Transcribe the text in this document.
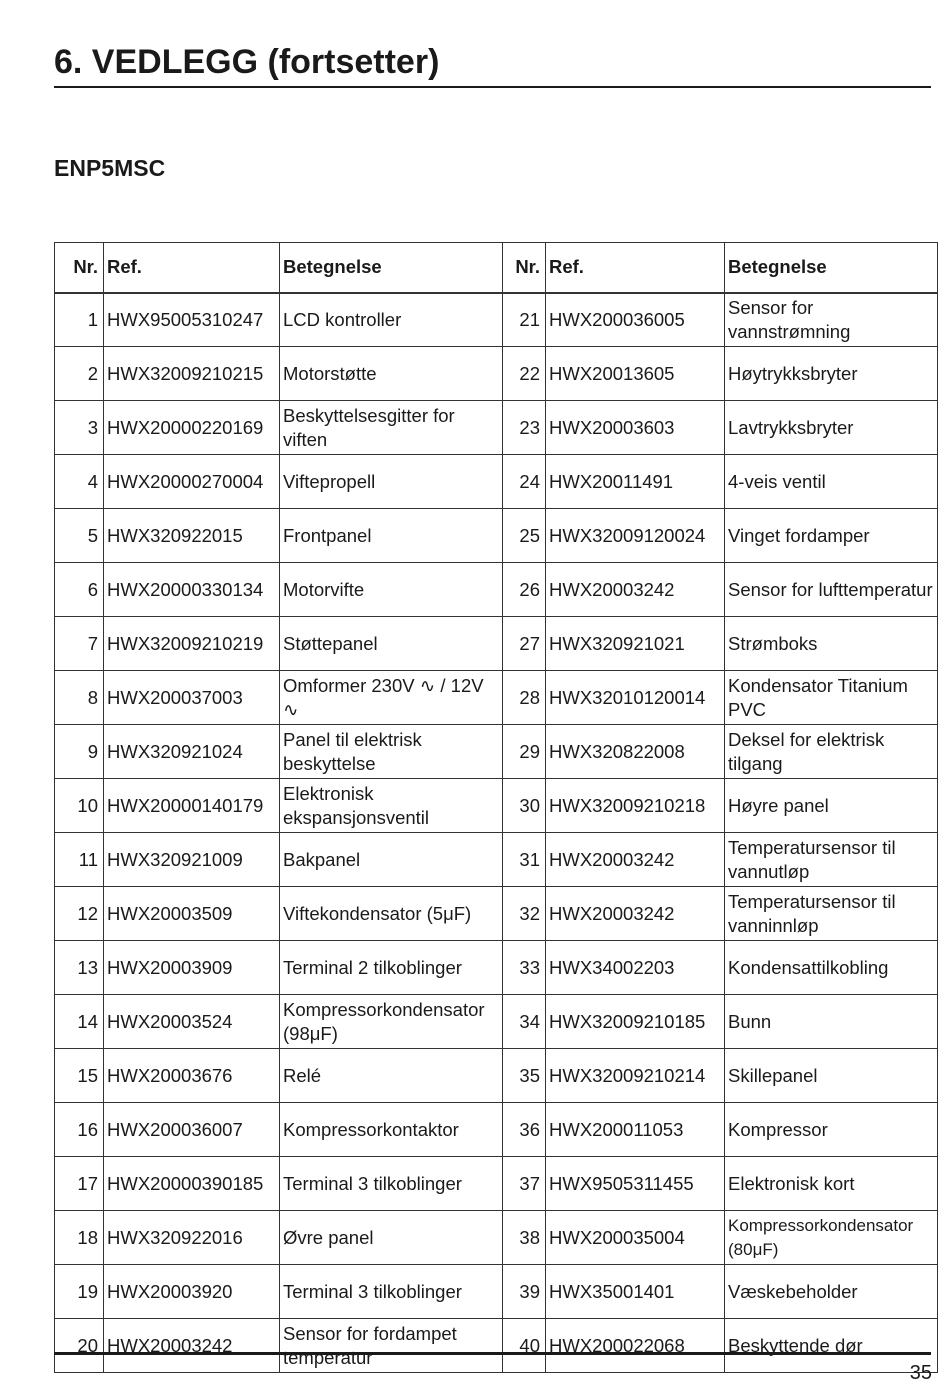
6. VEDLEGG (fortsetter)
ENP5MSC
Nr.	Ref.	Betegnelse	Nr.	Ref.	Betegnelse
1	HWX95005310247	LCD kontroller	21	HWX200036005	Sensor for vannstrømning
2	HWX32009210215	Motorstøtte	22	HWX20013605	Høytrykksbryter
3	HWX20000220169	Beskyttelsesgitter for viften	23	HWX20003603	Lavtrykksbryter
4	HWX20000270004	Viftepropell	24	HWX20011491	4-veis ventil
5	HWX320922015	Frontpanel	25	HWX32009120024	Vinget fordamper
6	HWX20000330134	Motorvifte	26	HWX20003242	Sensor for lufttemperatur
7	HWX32009210219	Støttepanel	27	HWX320921021	Strømboks
8	HWX200037003	Omformer 230V ∿ / 12V ∿	28	HWX32010120014	Kondensator Titanium PVC
9	HWX320921024	Panel til elektrisk beskyttelse	29	HWX320822008	Deksel for elektrisk tilgang
10	HWX20000140179	Elektronisk ekspansjonsventil	30	HWX32009210218	Høyre panel
11	HWX320921009	Bakpanel	31	HWX20003242	Temperatursensor til vannutløp
12	HWX20003509	Viftekondensator (5μF)	32	HWX20003242	Temperatursensor til vanninnløp
13	HWX20003909	Terminal 2 tilkoblinger	33	HWX34002203	Kondensattilkobling
14	HWX20003524	Kompressorkondensator (98μF)	34	HWX32009210185	Bunn
15	HWX20003676	Relé	35	HWX32009210214	Skillepanel
16	HWX200036007	Kompressorkontaktor	36	HWX200011053	Kompressor
17	HWX20000390185	Terminal 3 tilkoblinger	37	HWX9505311455	Elektronisk kort
18	HWX320922016	Øvre panel	38	HWX200035004	Kompressorkondensator (80μF)
19	HWX20003920	Terminal 3 tilkoblinger	39	HWX35001401	Væskebeholder
20	HWX20003242	Sensor for fordampet temperatur	40	HWX200022068	Beskyttende dør
35
